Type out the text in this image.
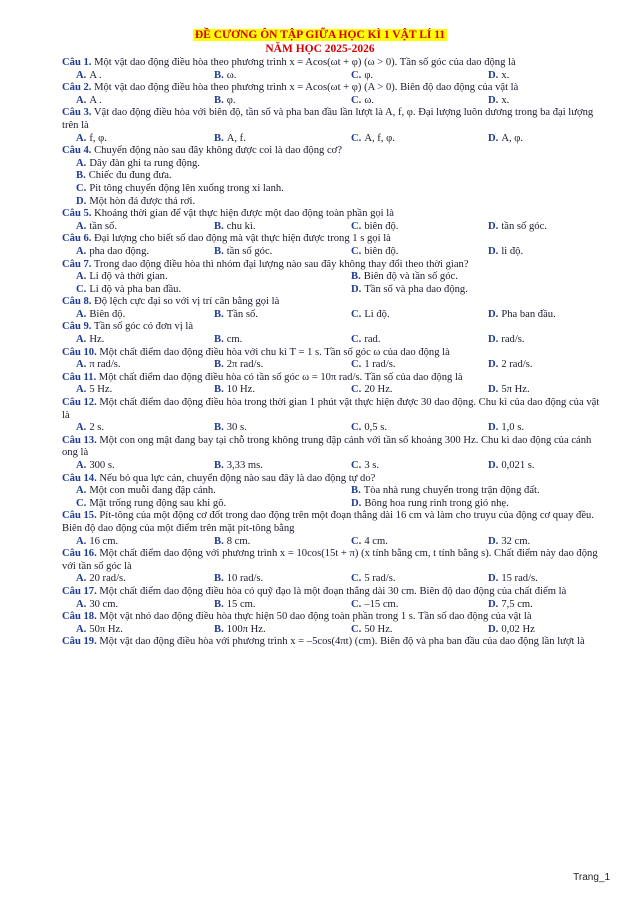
ĐỀ CƯƠNG ÔN TẬP GIỮA HỌC KÌ 1 VẬT LÍ 11
NĂM HỌC 2025-2026
Câu 1. Một vật dao động điều hòa theo phương trình x = Acos(ωt + φ) (ω > 0). Tần số góc của dao động là
A. A .	B. ω.	C. φ.	D. x.
Câu 2. Một vật dao động điều hòa theo phương trình x = Acos(ωt + φ) (A > 0). Biên độ dao động của vật là
A. A .	B. φ.	C. ω.	D. x.
Câu 3. Vật dao động điều hòa với biên độ, tần số và pha ban đầu lần lượt là A, f, φ. Đại lượng luôn dương trong ba đại lượng trên là
A. f, φ.	B. A, f.	C. A, f, φ.	D. A, φ.
Câu 4. Chuyển động nào sau đây không được coi là dao động cơ?
A. Dây đàn ghi ta rung động.
B. Chiếc đu đung đưa.
C. Pit tông chuyển động lên xuống trong xi lanh.
D. Một hòn đá được thả rơi.
Câu 5. Khoảng thời gian để vật thực hiện được một dao động toàn phần gọi là
A. tần số.	B. chu kì.	C. biên độ.	D. tần số góc.
Câu 6. Đại lượng cho biết số dao động mà vật thực hiện được trong 1 s gọi là
A. pha dao động.	B. tần số góc.	C. biên độ.	D. li độ.
Câu 7. Trong dao động điều hòa thì nhóm đại lượng nào sau đây không thay đổi theo thời gian?
A. Li độ và thời gian.	B. Biên độ và tần số góc.
C. Li độ và pha ban đầu.	D. Tần số và pha dao động.
Câu 8. Độ lệch cực đại so với vị trí cân bằng gọi là
A. Biên độ.	B. Tần số.	C. Li độ.	D. Pha ban đầu.
Câu 9. Tần số góc có đơn vị là
A. Hz.	B. cm.	C. rad.	D. rad/s.
Câu 10. Một chất điểm dao động điều hòa với chu kì T = 1 s. Tần số góc ω của dao động là
A. π rad/s.	B. 2π rad/s.	C. 1 rad/s.	D. 2 rad/s.
Câu 11. Một chất điểm dao động điều hòa có tần số góc ω = 10π rad/s. Tần số của dao động là
A. 5 Hz.	B. 10 Hz.	C. 20 Hz.	D. 5π Hz.
Câu 12. Một chất điểm dao động điều hòa trong thời gian 1 phút vật thực hiện được 30 dao động. Chu kì của dao động của vật là
A. 2 s.	B. 30 s.	C. 0,5 s.	D. 1,0 s.
Câu 13. Một con ong mật đang bay tại chỗ trong không trung đập cánh với tần số khoảng 300 Hz. Chu kì dao động của cánh ong là
A. 300 s.	B. 3,33 ms.	C. 3 s.	D. 0,021 s.
Câu 14. Nếu bỏ qua lực cản, chuyển động nào sau đây là dao động tự do?
A. Một con muỗi đang đập cánh.	B. Tòa nhà rung chuyển trong trận động đất.
C. Mặt trống rung động sau khi gõ.	D. Bông hoa rung rinh trong gió nhẹ.
Câu 15. Pít-tông của một động cơ đốt trong dao động trên một đoạn thẳng dài 16 cm và làm cho truyu của động cơ quay đều. Biên độ dao động của một điểm trên mặt pít-tông bằng
A. 16 cm.	B. 8 cm.	C. 4 cm.	D. 32 cm.
Câu 16. Một chất điểm dao động với phương trình x = 10cos(15t + π) (x tính bằng cm, t tính bằng s). Chất điểm này dao động với tần số góc là
A. 20 rad/s.	B. 10 rad/s.	C. 5 rad/s.	D. 15 rad/s.
Câu 17. Một chất điểm dao động điều hòa có quỹ đạo là một đoạn thẳng dài 30 cm. Biên độ dao động của chất điểm là
A. 30 cm.	B. 15 cm.	C. –15 cm.	D. 7,5 cm.
Câu 18. Một vật nhỏ dao động điều hòa thực hiện 50 dao động toàn phần trong 1 s. Tần số dao động của vật là
A. 50π Hz.	B. 100π Hz.	C. 50 Hz.	D. 0,02 Hz
Câu 19. Một vật dao động điều hòa với phương trình x = –5cos(4πt) (cm). Biên độ và pha ban đầu của dao động lần lượt là
Trang_1
